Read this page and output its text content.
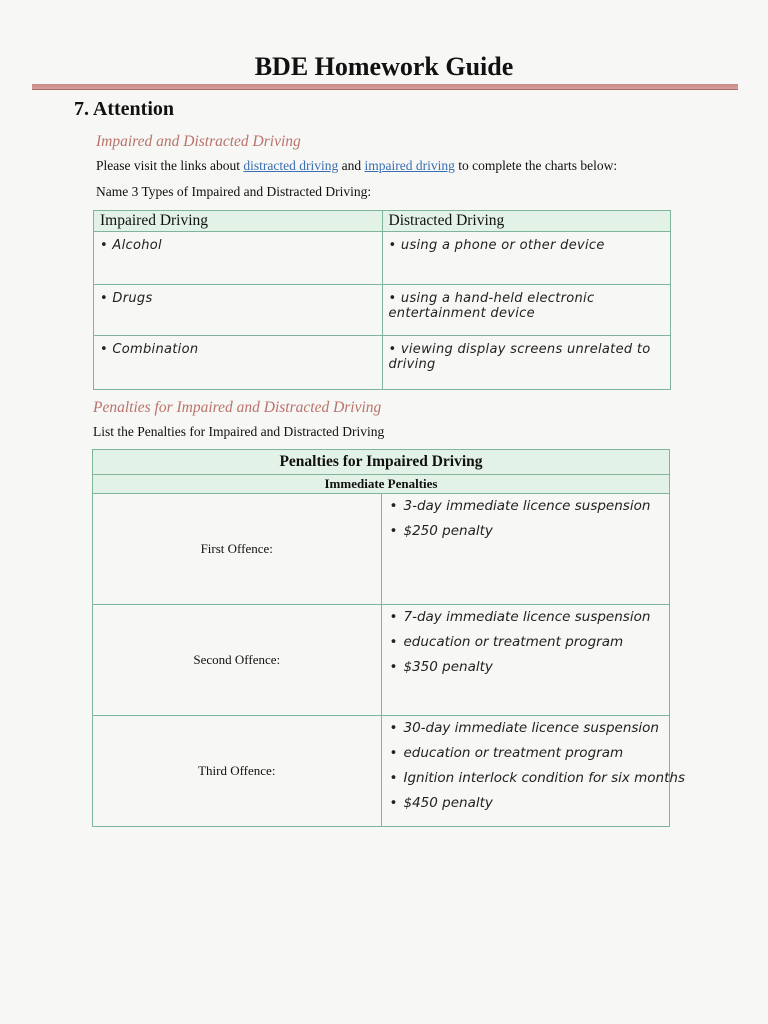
BDE Homework Guide
7. Attention
Impaired and Distracted Driving
Please visit the links about distracted driving and impaired driving to complete the charts below:
Name 3 Types of Impaired and Distracted Driving:
Impaired Driving	Distracted Driving
• Alcohol	• using a phone or other device
• Drugs	• using a hand-held electronic entertainment device
• Combination	• viewing display screens unrelated to driving
Penalties for Impaired and Distracted Driving
List the Penalties for Impaired and Distracted Driving
Penalties for Impaired Driving	
Immediate Penalties	
First Offence:	• 3-day immediate licence suspension
• $250 penalty

Second Offence:	• 7-day immediate licence suspension
• education or treatment program
• $350 penalty

Third Offence:	• 30-day immediate licence suspension
• education or treatment program
• Ignition interlock condition for six months
• $450 penalty
